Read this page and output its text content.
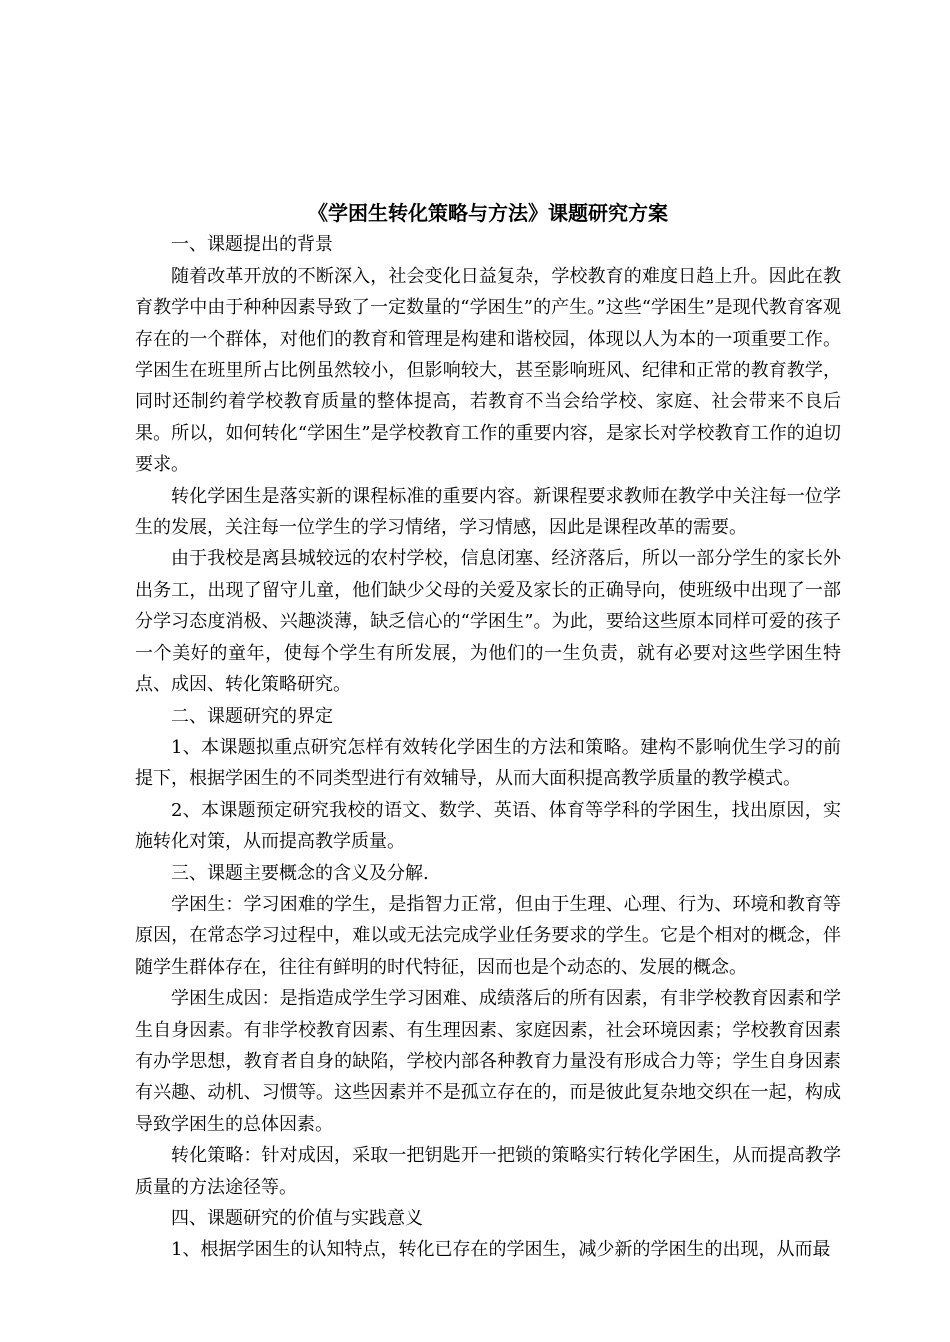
《学困生转化策略与方法》课题研究方案

一、课题提出的背景

随着改革开放的不断深入，社会变化日益复杂，学校教育的难度日趋上升。因此在教育教学中由于种种因素导致了一定数量的“学困生”的产生。”这些“学困生”是现代教育客观存在的一个群体，对他们的教育和管理是构建和谐校园，体现以人为本的一项重要工作。学困生在班里所占比例虽然较小，但影响较大，甚至影响班风、纪律和正常的教育教学，同时还制约着学校教育质量的整体提高，若教育不当会给学校、家庭、社会带来不良后果。所以，如何转化“学困生”是学校教育工作的重要内容，是家长对学校教育工作的迫切要求。

转化学困生是落实新的课程标准的重要内容。新课程要求教师在教学中关注每一位学生的发展，关注每一位学生的学习情绪，学习情感，因此是课程改革的需要。

由于我校是离县城较远的农村学校，信息闭塞、经济落后，所以一部分学生的家长外出务工，出现了留守儿童，他们缺少父母的关爱及家长的正确导向，使班级中出现了一部分学习态度消极、兴趣淡薄，缺乏信心的“学困生”。为此，要给这些原本同样可爱的孩子一个美好的童年，使每个学生有所发展，为他们的一生负责，就有必要对这些学困生特点、成因、转化策略研究。

二、课题研究的界定

1、本课题拟重点研究怎样有效转化学困生的方法和策略。建构不影响优生学习的前提下，根据学困生的不同类型进行有效辅导，从而大面积提高教学质量的教学模式。

2、本课题预定研究我校的语文、数学、英语、体育等学科的学困生，找出原因，实施转化对策，从而提高教学质量。

三、课题主要概念的含义及分解.

学困生：学习困难的学生，是指智力正常，但由于生理、心理、行为、环境和教育等原因，在常态学习过程中，难以或无法完成学业任务要求的学生。它是个相对的概念，伴随学生群体存在，往往有鲜明的时代特征，因而也是个动态的、发展的概念。

学困生成因：是指造成学生学习困难、成绩落后的所有因素，有非学校教育因素和学生自身因素。有非学校教育因素、有生理因素、家庭因素，社会环境因素；学校教育因素有办学思想，教育者自身的缺陷，学校内部各种教育力量没有形成合力等；学生自身因素有兴趣、动机、习惯等。这些因素并不是孤立存在的，而是彼此复杂地交织在一起，构成导致学困生的总体因素。

转化策略：针对成因，采取一把钥匙开一把锁的策略实行转化学困生，从而提高教学质量的方法途径等。

四、课题研究的价值与实践意义

1、根据学困生的认知特点，转化已存在的学困生，减少新的学困生的出现，从而最
